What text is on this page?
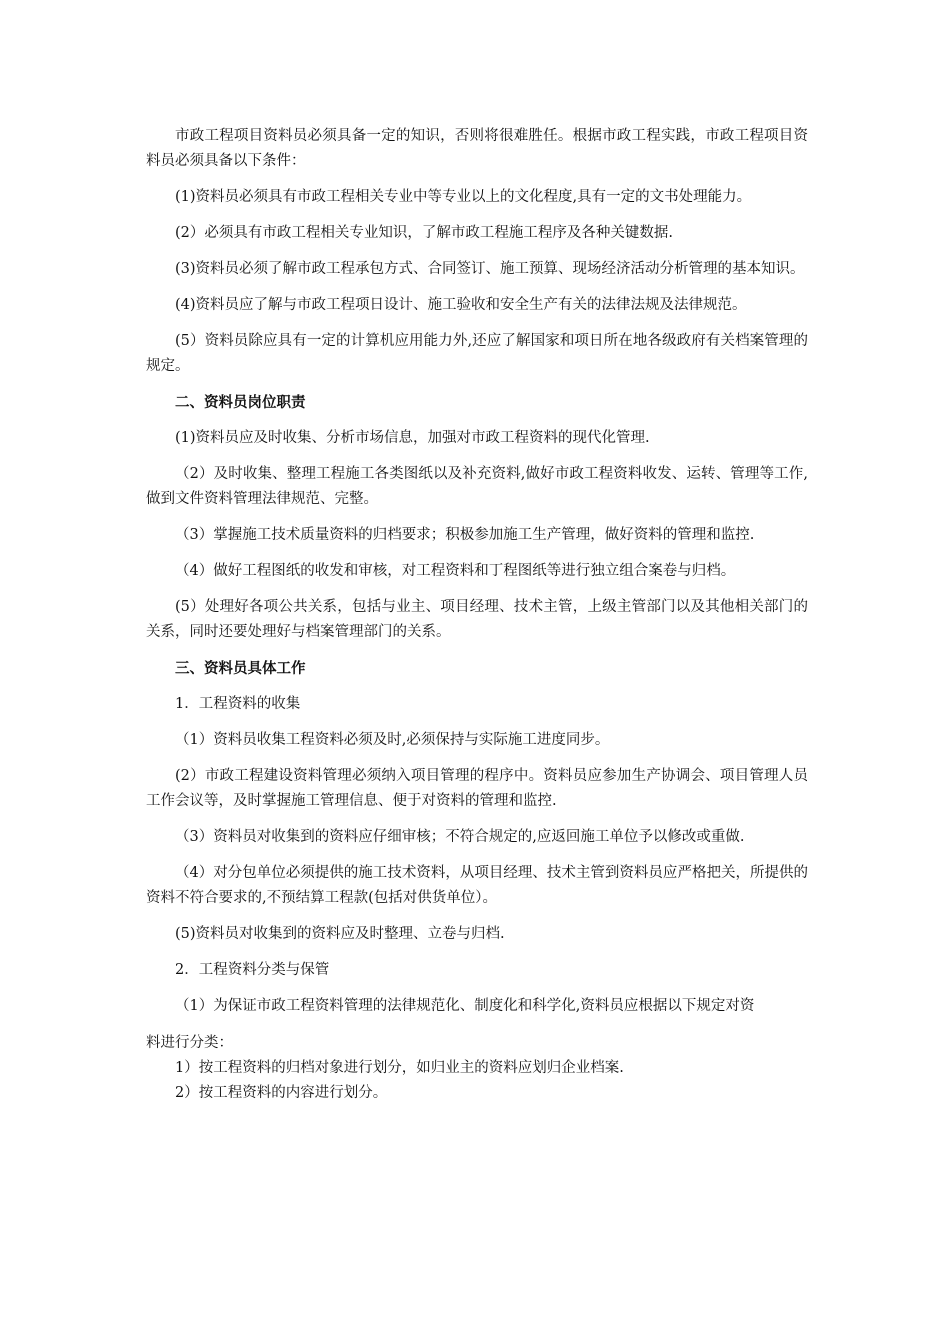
市政工程项目资料员必须具备一定的知识，否则将很难胜任。根据市政工程实践，市政工程项目资料员必须具备以下条件：

(1)资料员必须具有市政工程相关专业中等专业以上的文化程度,具有一定的文书处理能力。

(2）必须具有市政工程相关专业知识，了解市政工程施工程序及各种关键数据.

(3)资料员必须了解市政工程承包方式、合同签订、施工预算、现场经济活动分析管理的基本知识。

(4)资料员应了解与市政工程项日设计、施工验收和安全生产有关的法律法规及法律规范。

(5）资料员除应具有一定的计算机应用能力外,还应了解国家和项日所在地各级政府有关档案管理的规定。

二、资料员岗位职责

(1)资料员应及时收集、分析市场信息，加强对市政工程资料的现代化管理.

（2）及时收集、整理工程施工各类图纸以及补充资料,做好市政工程资料收发、运转、管理等工作,做到文件资料管理法律规范、完整。

（3）掌握施工技术质量资料的归档要求；积极参加施工生产管理，做好资料的管理和监控.

（4）做好工程图纸的收发和审核，对工程资料和丁程图纸等进行独立组合案卷与归档。

(5）处理好各项公共关系，包括与业主、项目经理、技术主管，上级主管部门以及其他相关部门的关系，同时还要处理好与档案管理部门的关系。

三、资料员具体工作

1．工程资料的收集

（1）资料员收集工程资料必须及时,必须保持与实际施工进度同步。

(2）市政工程建设资料管理必须纳入项目管理的程序中。资料员应参加生产协调会、项目管理人员工作会议等，及时掌握施工管理信息、便于对资料的管理和监控.

（3）资料员对收集到的资料应仔细审核；不符合规定的,应返回施工单位予以修改或重做.

（4）对分包单位必须提供的施工技术资料，从项目经理、技术主管到资料员应严格把关，所提供的资料不符合要求的,不预结算工程款(包括对供货单位）。

(5)资料员对收集到的资料应及时整理、立卷与归档.

2．工程资料分类与保管

（1）为保证市政工程资料管理的法律规范化、制度化和科学化,资料员应根据以下规定对资

料进行分类：

1）按工程资料的归档对象进行划分，如归业主的资料应划归企业档案.

2）按工程资料的内容进行划分。
